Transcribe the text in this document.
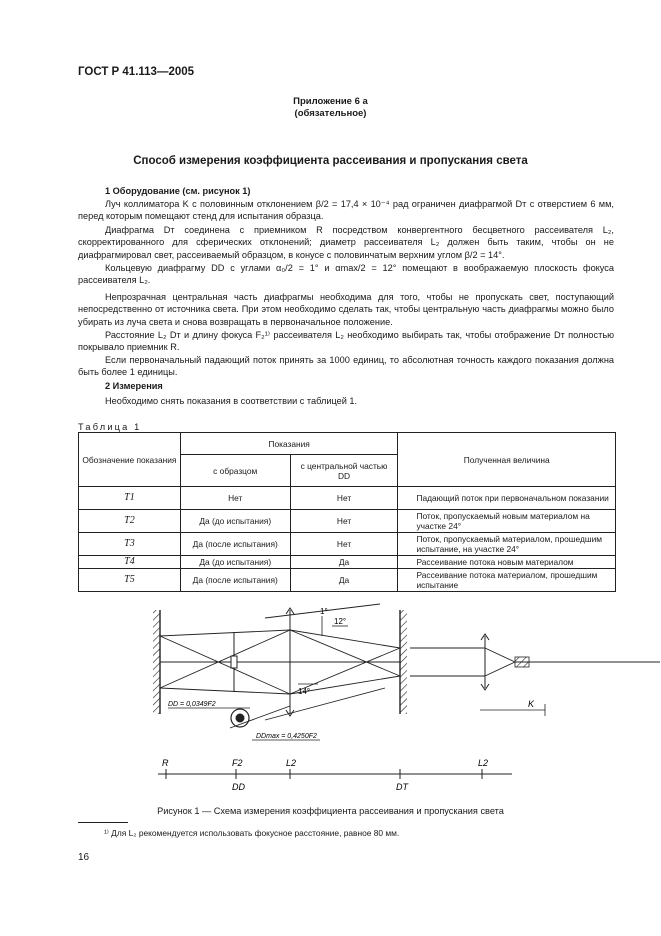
ГОСТ Р 41.113—2005
Приложение 6 а
(обязательное)
Способ измерения коэффициента рассеивания и пропускания света
1 Оборудование (см. рисунок 1)
Луч коллиматора K с половинным отклонением β/2 = 17,4 × 10⁻⁴ рад ограничен диафрагмой Dт с отверстием 6 мм, перед которым помещают стенд для испытания образца.
Диафрагма Dт соединена с приемником R посредством конвергентного бесцветного рассеивателя L₂, скорректированного для сферических отклонений; диаметр рассеивателя L₂ должен быть таким, чтобы он не диафрагмировал свет, рассеиваемый образцом, в конусе с половинчатым верхним углом β/2 = 14°.
Кольцевую диафрагму DD с углами α₀/2 = 1° и αmax/2 = 12° помещают в воображаемую плоскость фокуса рассеивателя L₂.
Непрозрачная центральная часть диафрагмы необходима для того, чтобы не пропускать свет, поступающий непосредственно от источника света. При этом необходимо сделать так, чтобы центральную часть диафрагмы можно было убирать из луча света и снова возвращать в первоначальное положение.
Расстояние L₂ Dт и длину фокуса F₂¹⁾ рассеивателя L₂ необходимо выбирать так, чтобы отображение Dт полностью покрывало приемник R.
Если первоначальный падающий поток принять за 1000 единиц, то абсолютная точность каждого показания должна быть более 1 единицы.
2 Измерения
Необходимо снять показания в соответствии с таблицей 1.
Таблица 1
Обозначение показания	Показания		Полученная величина
	с образцом	с центральной частью DD	
T1	Нет	Нет	Падающий поток при первоначальном показании
T2	Да (до испытания)	Нет	Поток, пропускаемый новым материалом на участке 24°
T3	Да (после испытания)	Нет	Поток, пропускаемый материалом, прошедшим испытание, на участке 24°
T4	Да (до испытания)	Да	Рассеивание потока новым материалом
T5	Да (после испытания)	Да	Рассеивание потока материалом, прошедшим испытание
1°
12°
14°
K
DD = 0,0349F2
DDmax = 0,4250F2
R	F2	L2
DD	DT
L2
Рисунок 1 — Схема измерения коэффициента рассеивания и пропускания света
¹⁾ Для L₂ рекомендуется использовать фокусное расстояние, равное 80 мм.
16
